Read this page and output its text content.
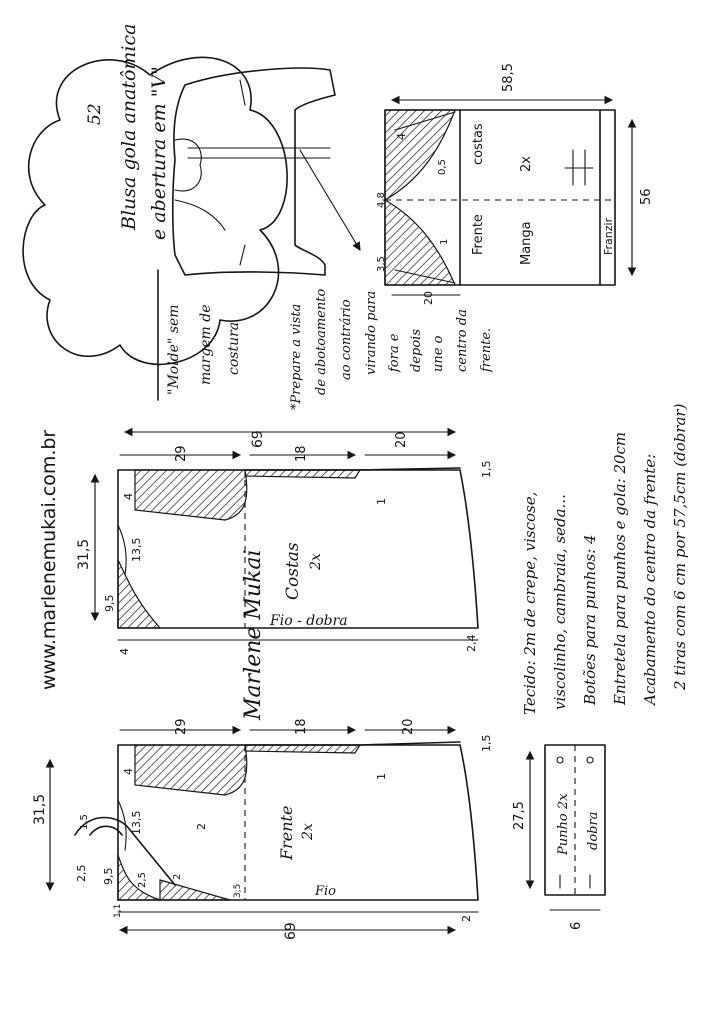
Blusa gola anatômica e abertura em "V"
52
58,5
56
costas
Frente	Manga
2x
Franzir
4
0,5
4,8
3,5
20
1
"Molde" sem margem de costura	*Prepare a vista de abotoamento ao contrário virando para fora e depois une o centro da frente.
www.marlenemukai.com.br	Marlene Mukai
69
29	18
20
1,5
31,5
4
9,5
13,5
2,4
1
4
Costas 2x
Fio - dobra
69
29	18	20
1,5
31,5
4
9,5
13,5
2,5	2,5
1,5
2
1,1
3,5
2
1
2	Frente 2x
Fio
Tecido: 2m de crepe, viscose, viscolinho, cambraia, seda... Botões para punhos: 4 Entretela para punhos e gola: 20cm Acabamento do centro da frente: 2 tiras com 6 cm por 57,5cm (dobrar)
27,5
6
Punho 2x dobra
